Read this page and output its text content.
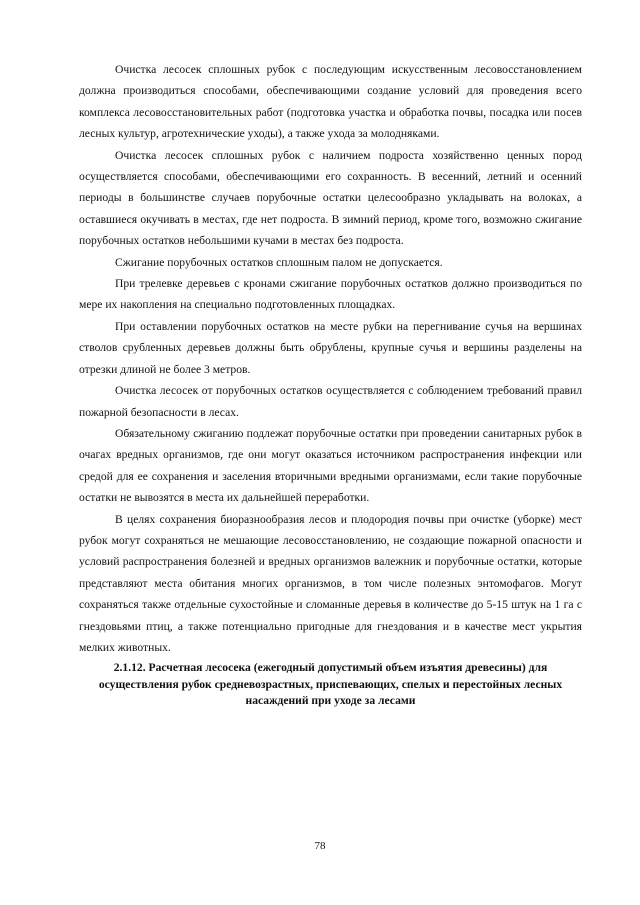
Очистка лесосек сплошных рубок с последующим искусственным лесовосстановлением должна производиться способами, обеспечивающими создание условий для проведения всего комплекса лесовосстановительных работ (подготовка участка и обработка почвы, посадка или посев лесных культур, агротехнические уходы), а также ухода за молодняками.

Очистка лесосек сплошных рубок с наличием подроста хозяйственно ценных пород осуществляется способами, обеспечивающими его сохранность. В весенний, летний и осенний периоды в большинстве случаев порубочные остатки целесообразно укладывать на волоках, а оставшиеся окучивать в местах, где нет подроста. В зимний период, кроме того, возможно сжигание порубочных остатков небольшими кучами в местах без подроста.

Сжигание порубочных остатков сплошным палом не допускается.

При трелевке деревьев с кронами сжигание порубочных остатков должно производиться по мере их накопления на специально подготовленных площадках.

При оставлении порубочных остатков на месте рубки на перегнивание сучья на вершинах стволов срубленных деревьев должны быть обрублены, крупные сучья и вершины разделены на отрезки длиной не более 3 метров.

Очистка лесосек от порубочных остатков осуществляется с соблюдением требований правил пожарной безопасности в лесах.

Обязательному сжиганию подлежат порубочные остатки при проведении санитарных рубок в очагах вредных организмов, где они могут оказаться источником распространения инфекции или средой для ее сохранения и заселения вторичными вредными организмами, если такие порубочные остатки не вывозятся в места их дальнейшей переработки.

В целях сохранения биоразнообразия лесов и плодородия почвы при очистке (уборке) мест рубок могут сохраняться не мешающие лесовосстановлению, не создающие пожарной опасности и условий распространения болезней и вредных организмов валежник и порубочные остатки, которые представляют места обитания многих организмов, в том числе полезных энтомофагов. Могут сохраняться также отдельные сухостойные и сломанные деревья в количестве до 5-15 штук на 1 га с гнездовьями птиц, а также потенциально пригодные для гнездования и в качестве мест укрытия мелких животных.

2.1.12. Расчетная лесосека (ежегодный допустимый объем изъятия древесины) для осуществления рубок средневозрастных, приспевающих, спелых и перестойных лесных насаждений при уходе за лесами

78
